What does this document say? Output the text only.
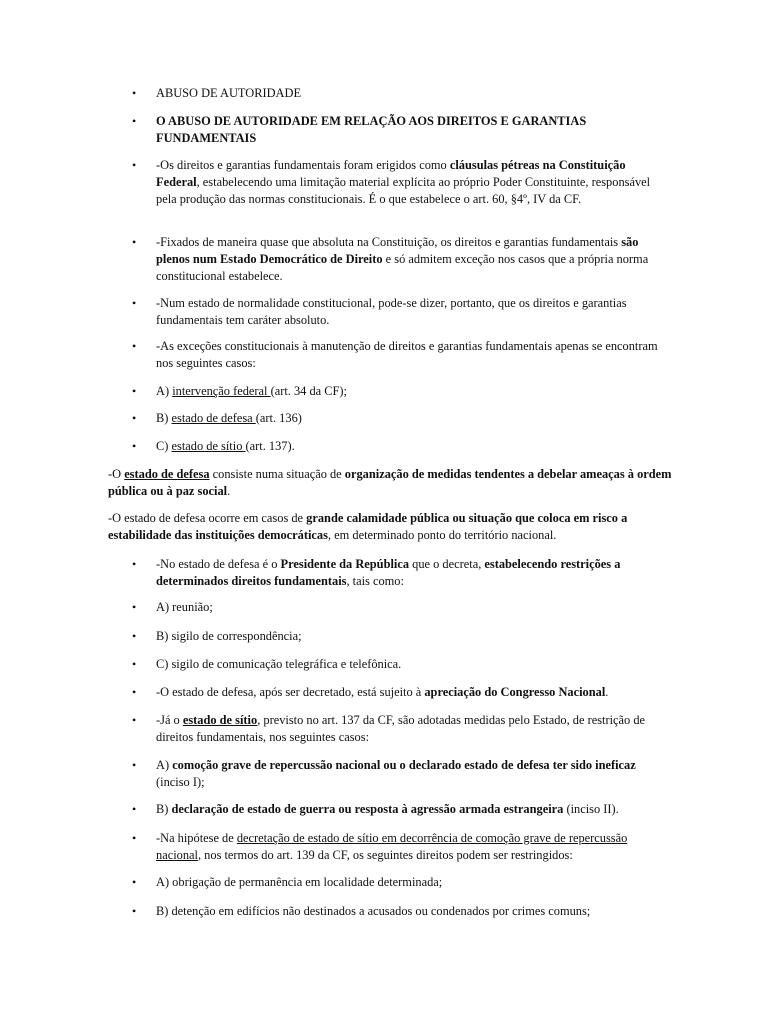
•	ABUSO DE AUTORIDADE
•	O ABUSO DE AUTORIDADE EM RELAÇÃO AOS DIREITOS E GARANTIAS FUNDAMENTAIS
•	-Os direitos e garantias fundamentais foram erigidos como cláusulas pétreas na Constituição Federal, estabelecendo uma limitação material explícita ao próprio Poder Constituinte, responsável pela produção das normas constitucionais. É o que estabelece o art. 60, §4º, IV da CF.
•	-Fixados de maneira quase que absoluta na Constituição, os direitos e garantias fundamentais são plenos num Estado Democrático de Direito e só admitem exceção nos casos que a própria norma constitucional estabelece.
•	-Num estado de normalidade constitucional, pode-se dizer, portanto, que os direitos e garantias fundamentais tem caráter absoluto.
•	-As exceções constitucionais à manutenção de direitos e garantias fundamentais apenas se encontram nos seguintes casos:
•	A) intervenção federal (art. 34 da CF);
•	B) estado de defesa (art. 136)
•	C) estado de sítio (art. 137).
-O estado de defesa consiste numa situação de organização de medidas tendentes a debelar ameaças à ordem pública ou à paz social.
-O estado de defesa ocorre em casos de grande calamidade pública ou situação que coloca em risco a estabilidade das instituições democráticas, em determinado ponto do território nacional.
•	-No estado de defesa é o Presidente da República que o decreta, estabelecendo restrições a determinados direitos fundamentais, tais como:
•	A) reunião;
•	B) sigilo de correspondência;
•	C) sigilo de comunicação telegráfica e telefônica.
•	-O estado de defesa, após ser decretado, está sujeito à apreciação do Congresso Nacional.
•	-Já o estado de sítio, previsto no art. 137 da CF, são adotadas medidas pelo Estado, de restrição de direitos fundamentais, nos seguintes casos:
•	A) comoção grave de repercussão nacional ou o declarado estado de defesa ter sido ineficaz (inciso I);
•	B) declaração de estado de guerra ou resposta à agressão armada estrangeira (inciso II).
•	-Na hipótese de decretação de estado de sítio em decorrência de comoção grave de repercussão nacional, nos termos do art. 139 da CF, os seguintes direitos podem ser restringidos:
•	A) obrigação de permanência em localidade determinada;
•	B) detenção em edifícios não destinados a acusados ou condenados por crimes comuns;
